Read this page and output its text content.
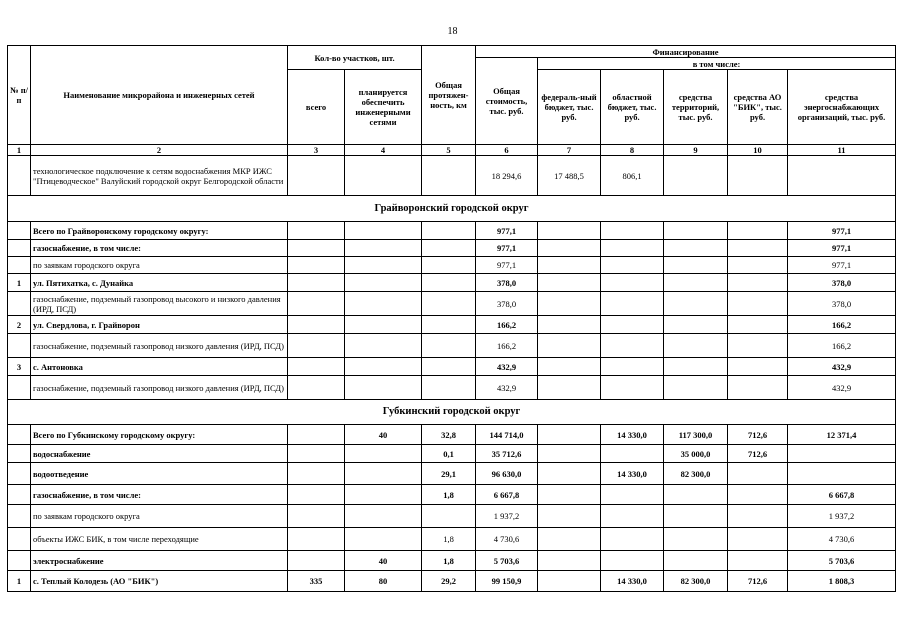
18
№ п/п	Наименование микрорайона и инженерных сетей	Кол-во участков, шт.		Общая протяжен-ность, км	Финансирование					
					Общая стоимость, тыс. руб.	в том числе:				
		всего	планируется обеспечить инженерными сетями			федераль-ный бюджет, тыс. руб.	областной бюджет, тыс. руб.	средства территорий, тыс. руб.	средства АО "БИК", тыс. руб.	средства энергоснабжающих организаций, тыс. руб.
1	2	3	4	5	6	7	8	9	10	11
	технологическое подключение к сетям водоснабжения МКР ИЖС "Птицеводческое" Валуйский городской округ Белгородской области				18 294,6	17 488,5	806,1			
Грайворонский городской округ										
	Всего по Грайворонскому городскому округу:				977,1					977,1
	газоснабжение, в том числе:				977,1					977,1
	по заявкам городского округа				977,1					977,1
1	ул. Пятихатка, с. Дунайка				378,0					378,0
	газоснабжение, подземный газопровод высокого и низкого давления (ИРД, ПСД)				378,0					378,0
2	ул. Свердлова, г. Грайворон				166,2					166,2
	газоснабжение, подземный газопровод низкого давления (ИРД, ПСД)				166,2					166,2
3	с. Антоновка				432,9					432,9
	газоснабжение, подземный газопровод низкого давления (ИРД, ПСД)				432,9					432,9
Губкинский городской округ										
	Всего по Губкинскому городскому округу:		40	32,8	144 714,0		14 330,0	117 300,0	712,6	12 371,4
	водоснабжение			0,1	35 712,6			35 000,0	712,6	
	водоотведение			29,1	96 630,0		14 330,0	82 300,0		
	газоснабжение, в том числе:			1,8	6 667,8					6 667,8
	по заявкам городского округа				1 937,2					1 937,2
	объекты ИЖС БИК, в том числе переходящие			1,8	4 730,6					4 730,6
	электроснабжение		40	1,8	5 703,6					5 703,6
1	с. Теплый Колодезь (АО "БИК")	335	80	29,2	99 150,9		14 330,0	82 300,0	712,6	1 808,3
